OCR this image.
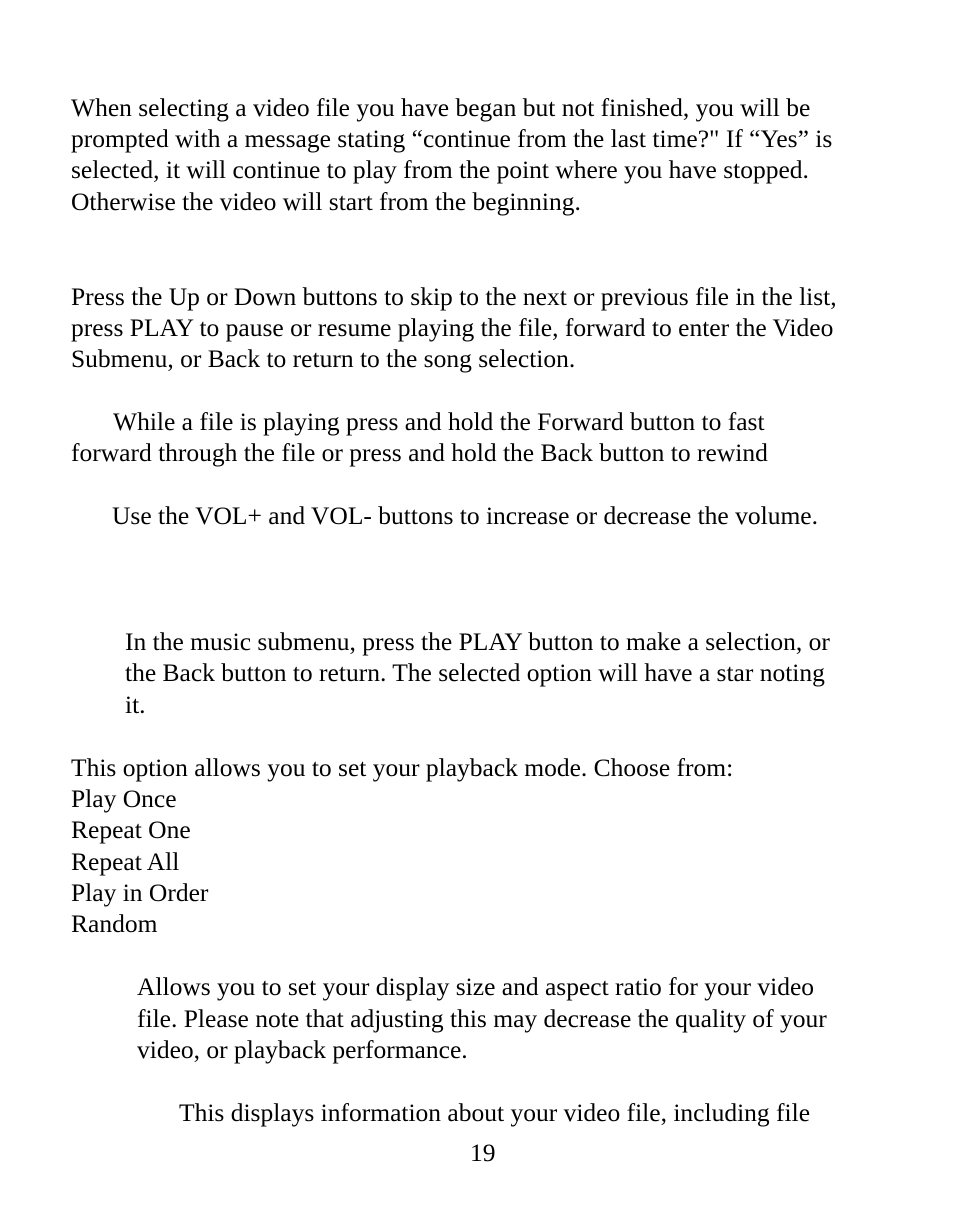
When selecting a video file you have began but not finished, you will be
prompted with a message stating “continue from the last time?" If “Yes” is
selected, it will continue to play from the point where you have stopped.
Otherwise the video will start from the beginning.
Press the Up or Down buttons to skip to the next or previous file in the list,
press PLAY to pause or resume playing the file, forward to enter the Video
Submenu, or Back to return to the song selection.
While a file is playing press and hold the Forward button to fast
forward through the file or press and hold the Back button to rewind
Use the VOL+ and VOL- buttons to increase or decrease the volume.
In the music submenu, press the PLAY button to make a selection, or
the Back button to return. The selected option will have a star noting
it.
This option allows you to set your playback mode. Choose from:
Play Once
Repeat One
Repeat All
Play in Order
Random
Allows you to set your display size and aspect ratio for your video
file. Please note that adjusting this may decrease the quality of your
video, or playback performance.
This displays information about your video file, including file
19
